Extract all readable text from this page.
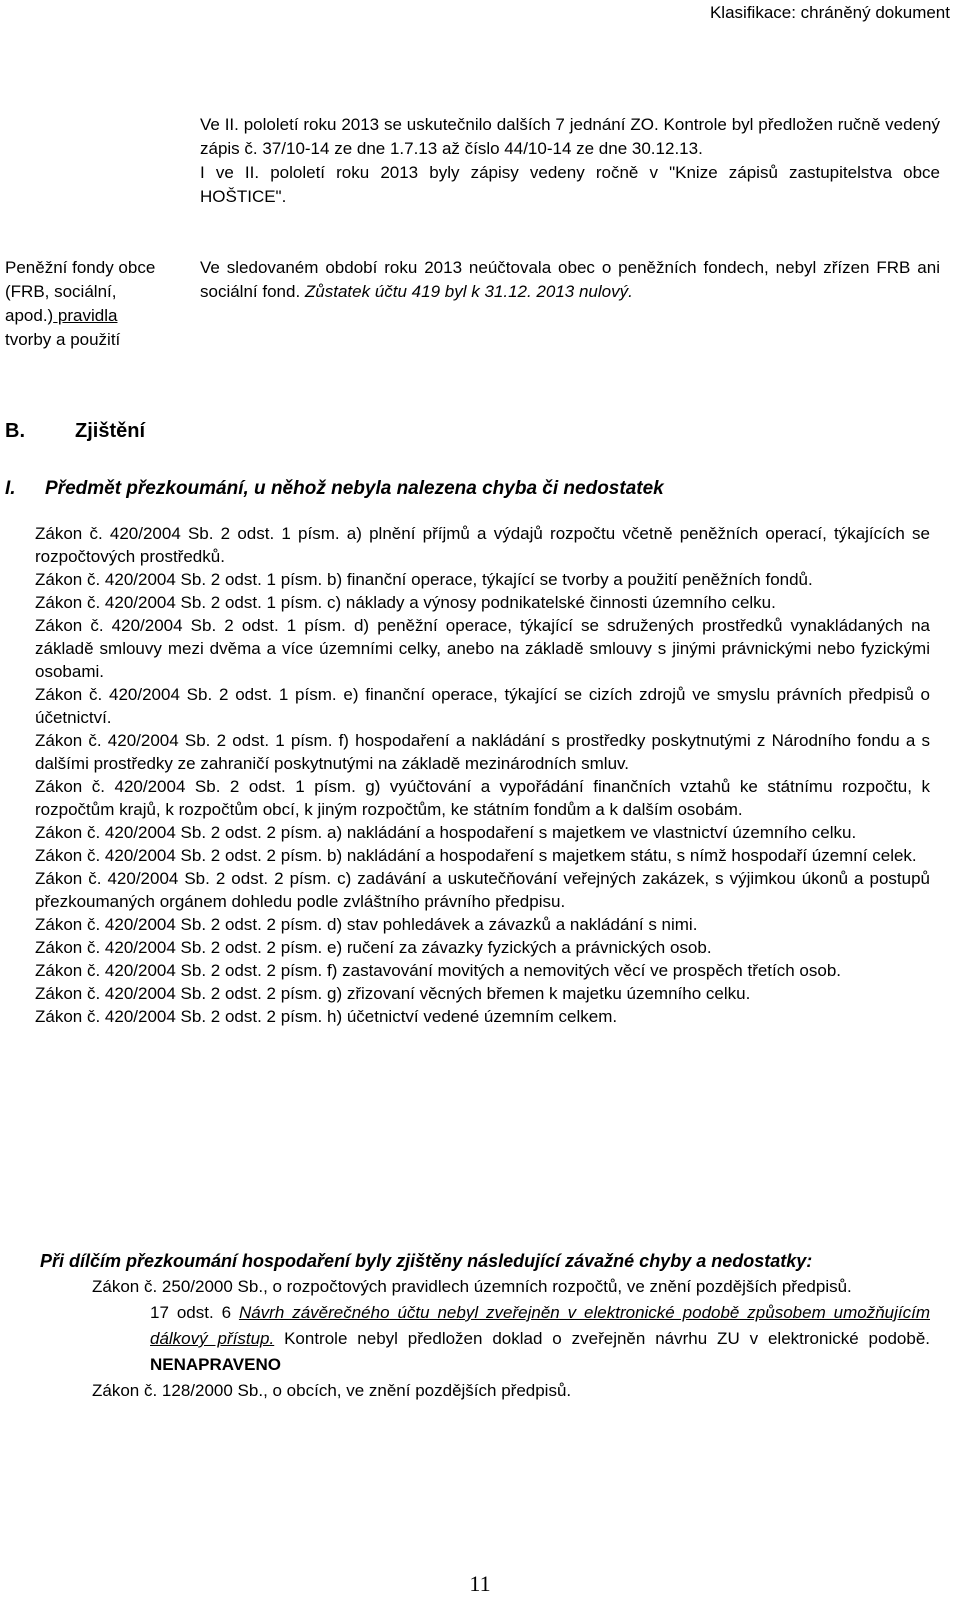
Klasifikace: chráněný dokument
Ve II. pololetí roku 2013 se uskutečnilo dalších 7 jednání ZO. Kontrole byl předložen ručně vedený zápis č. 37/10-14 ze dne 1.7.13 až číslo 44/10-14 ze dne 30.12.13.
I ve II. pololetí roku 2013 byly zápisy vedeny ročně v "Knize zápisů zastupitelstva obce HOŠTICE".
Peněžní fondy obce
(FRB, sociální,
apod.) pravidla
tvorby a použití
Ve sledovaném období roku 2013 neúčtovala obec o peněžních fondech, nebyl zřízen FRB ani sociální fond. Zůstatek účtu 419 byl k 31.12. 2013 nulový.
B.	Zjištění
I. Předmět přezkoumání, u něhož nebyla nalezena chyba či nedostatek
Zákon č. 420/2004 Sb. 2 odst. 1 písm. a) plnění příjmů a výdajů rozpočtu včetně peněžních operací, týkajících se rozpočtových prostředků.
Zákon č. 420/2004 Sb. 2 odst. 1 písm. b) finanční operace, týkající se tvorby a použití peněžních fondů.
Zákon č. 420/2004 Sb. 2 odst. 1 písm. c) náklady a výnosy podnikatelské činnosti územního celku.
Zákon č. 420/2004 Sb. 2 odst. 1 písm. d) peněžní operace, týkající se sdružených prostředků vynakládaných na základě smlouvy mezi dvěma a více územními celky, anebo na základě smlouvy s jinými právnickými nebo fyzickými osobami.
Zákon č. 420/2004 Sb. 2 odst. 1 písm. e) finanční operace, týkající se cizích zdrojů ve smyslu právních předpisů o účetnictví.
Zákon č. 420/2004 Sb. 2 odst. 1 písm. f) hospodaření a nakládání s prostředky poskytnutými z Národního fondu a s dalšími prostředky ze zahraničí poskytnutými na základě mezinárodních smluv.
Zákon č. 420/2004 Sb. 2 odst. 1 písm. g) vyúčtování a vypořádání finančních vztahů ke státnímu rozpočtu, k rozpočtům krajů, k rozpočtům obcí, k jiným rozpočtům, ke státním fondům a k dalším osobám.
Zákon č. 420/2004 Sb. 2 odst. 2 písm. a) nakládání a hospodaření s majetkem ve vlastnictví územního celku.
Zákon č. 420/2004 Sb. 2 odst. 2 písm. b) nakládání a hospodaření s majetkem státu, s nímž hospodaří územní celek.
Zákon č. 420/2004 Sb. 2 odst. 2 písm. c) zadávání a uskutečňování veřejných zakázek, s výjimkou úkonů a postupů přezkoumaných orgánem dohledu podle zvláštního právního předpisu.
Zákon č. 420/2004 Sb. 2 odst. 2 písm. d) stav pohledávek a závazků a nakládání s nimi.
Zákon č. 420/2004 Sb. 2 odst. 2 písm. e) ručení za závazky fyzických a právnických osob.
Zákon č. 420/2004 Sb. 2 odst. 2 písm. f) zastavování movitých a nemovitých věcí ve prospěch třetích osob.
Zákon č. 420/2004 Sb. 2 odst. 2 písm. g) zřizovaní věcných břemen k majetku územního celku.
Zákon č. 420/2004 Sb. 2 odst. 2 písm. h) účetnictví vedené územním celkem.
Při dílčím přezkoumání hospodaření byly zjištěny následující závažné chyby a nedostatky:
Zákon č. 250/2000 Sb., o rozpočtových pravidlech územních rozpočtů, ve znění pozdějších předpisů.
17 odst. 6 Návrh závěrečného účtu nebyl zveřejněn v elektronické podobě způsobem umožňujícím dálkový přístup. Kontrole nebyl předložen doklad o zveřejněn návrhu ZU v elektronické podobě. NENAPRAVENO
Zákon č. 128/2000 Sb., o obcích, ve znění pozdějších předpisů.
11
